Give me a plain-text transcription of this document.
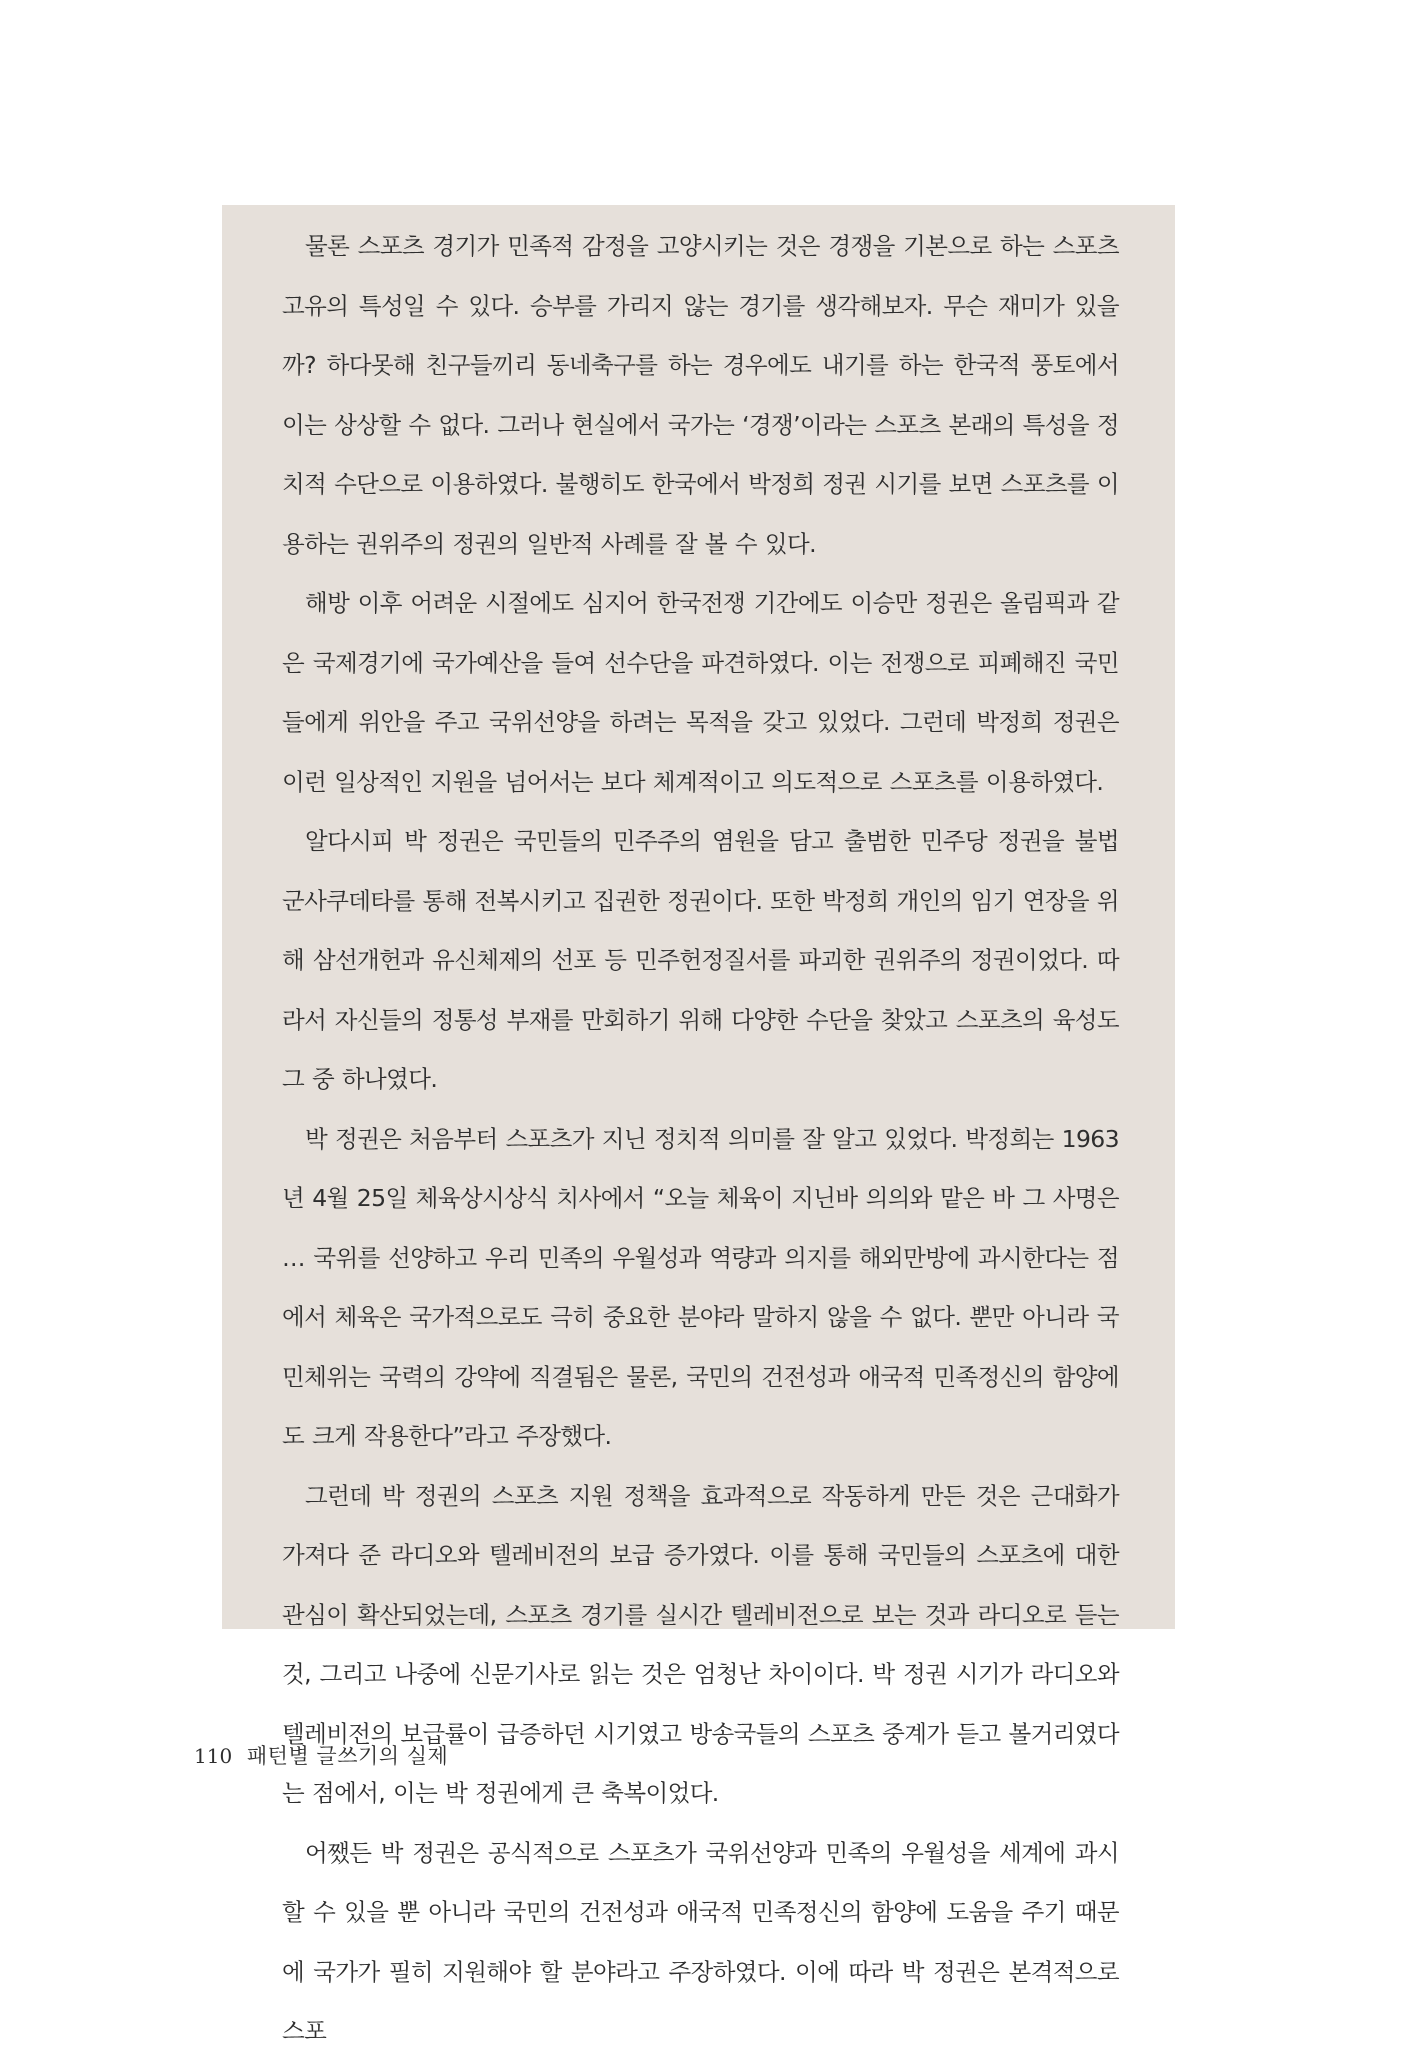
물론 스포츠 경기가 민족적 감정을 고양시키는 것은 경쟁을 기본으로 하는 스포츠 고유의 특성일 수 있다. 승부를 가리지 않는 경기를 생각해보자. 무슨 재미가 있을까? 하다못해 친구들끼리 동네축구를 하는 경우에도 내기를 하는 한국적 풍토에서 이는 상상할 수 없다. 그러나 현실에서 국가는 ‘경쟁’이라는 스포츠 본래의 특성을 정치적 수단으로 이용하였다. 불행히도 한국에서 박정희 정권 시기를 보면 스포츠를 이용하는 권위주의 정권의 일반적 사례를 잘 볼 수 있다.

해방 이후 어려운 시절에도 심지어 한국전쟁 기간에도 이승만 정권은 올림픽과 같은 국제경기에 국가예산을 들여 선수단을 파견하였다. 이는 전쟁으로 피폐해진 국민들에게 위안을 주고 국위선양을 하려는 목적을 갖고 있었다. 그런데 박정희 정권은 이런 일상적인 지원을 넘어서는 보다 체계적이고 의도적으로 스포츠를 이용하였다.

알다시피 박 정권은 국민들의 민주주의 염원을 담고 출범한 민주당 정권을 불법 군사쿠데타를 통해 전복시키고 집권한 정권이다. 또한 박정희 개인의 임기 연장을 위해 삼선개헌과 유신체제의 선포 등 민주헌정질서를 파괴한 권위주의 정권이었다. 따라서 자신들의 정통성 부재를 만회하기 위해 다양한 수단을 찾았고 스포츠의 육성도 그 중 하나였다.

박 정권은 처음부터 스포츠가 지닌 정치적 의미를 잘 알고 있었다. 박정희는 1963년 4월 25일 체육상시상식 치사에서 “오늘 체육이 지닌바 의의와 맡은 바 그 사명은 … 국위를 선양하고 우리 민족의 우월성과 역량과 의지를 해외만방에 과시한다는 점에서 체육은 국가적으로도 극히 중요한 분야라 말하지 않을 수 없다. 뿐만 아니라 국민체위는 국력의 강약에 직결됨은 물론, 국민의 건전성과 애국적 민족정신의 함양에도 크게 작용한다”라고 주장했다.

그런데 박 정권의 스포츠 지원 정책을 효과적으로 작동하게 만든 것은 근대화가 가져다 준 라디오와 텔레비전의 보급 증가였다. 이를 통해 국민들의 스포츠에 대한 관심이 확산되었는데, 스포츠 경기를 실시간 텔레비전으로 보는 것과 라디오로 듣는 것, 그리고 나중에 신문기사로 읽는 것은 엄청난 차이이다. 박 정권 시기가 라디오와 텔레비전의 보급률이 급증하던 시기였고 방송국들의 스포츠 중계가 듣고 볼거리였다는 점에서, 이는 박 정권에게 큰 축복이었다.

어쨌든 박 정권은 공식적으로 스포츠가 국위선양과 민족의 우월성을 세계에 과시할 수 있을 뿐 아니라 국민의 건전성과 애국적 민족정신의 함양에 도움을 주기 때문에 국가가 필히 지원해야 할 분야라고 주장하였다. 이에 따라 박 정권은 본격적으로 스포

110 패턴별 글쓰기의 실제
